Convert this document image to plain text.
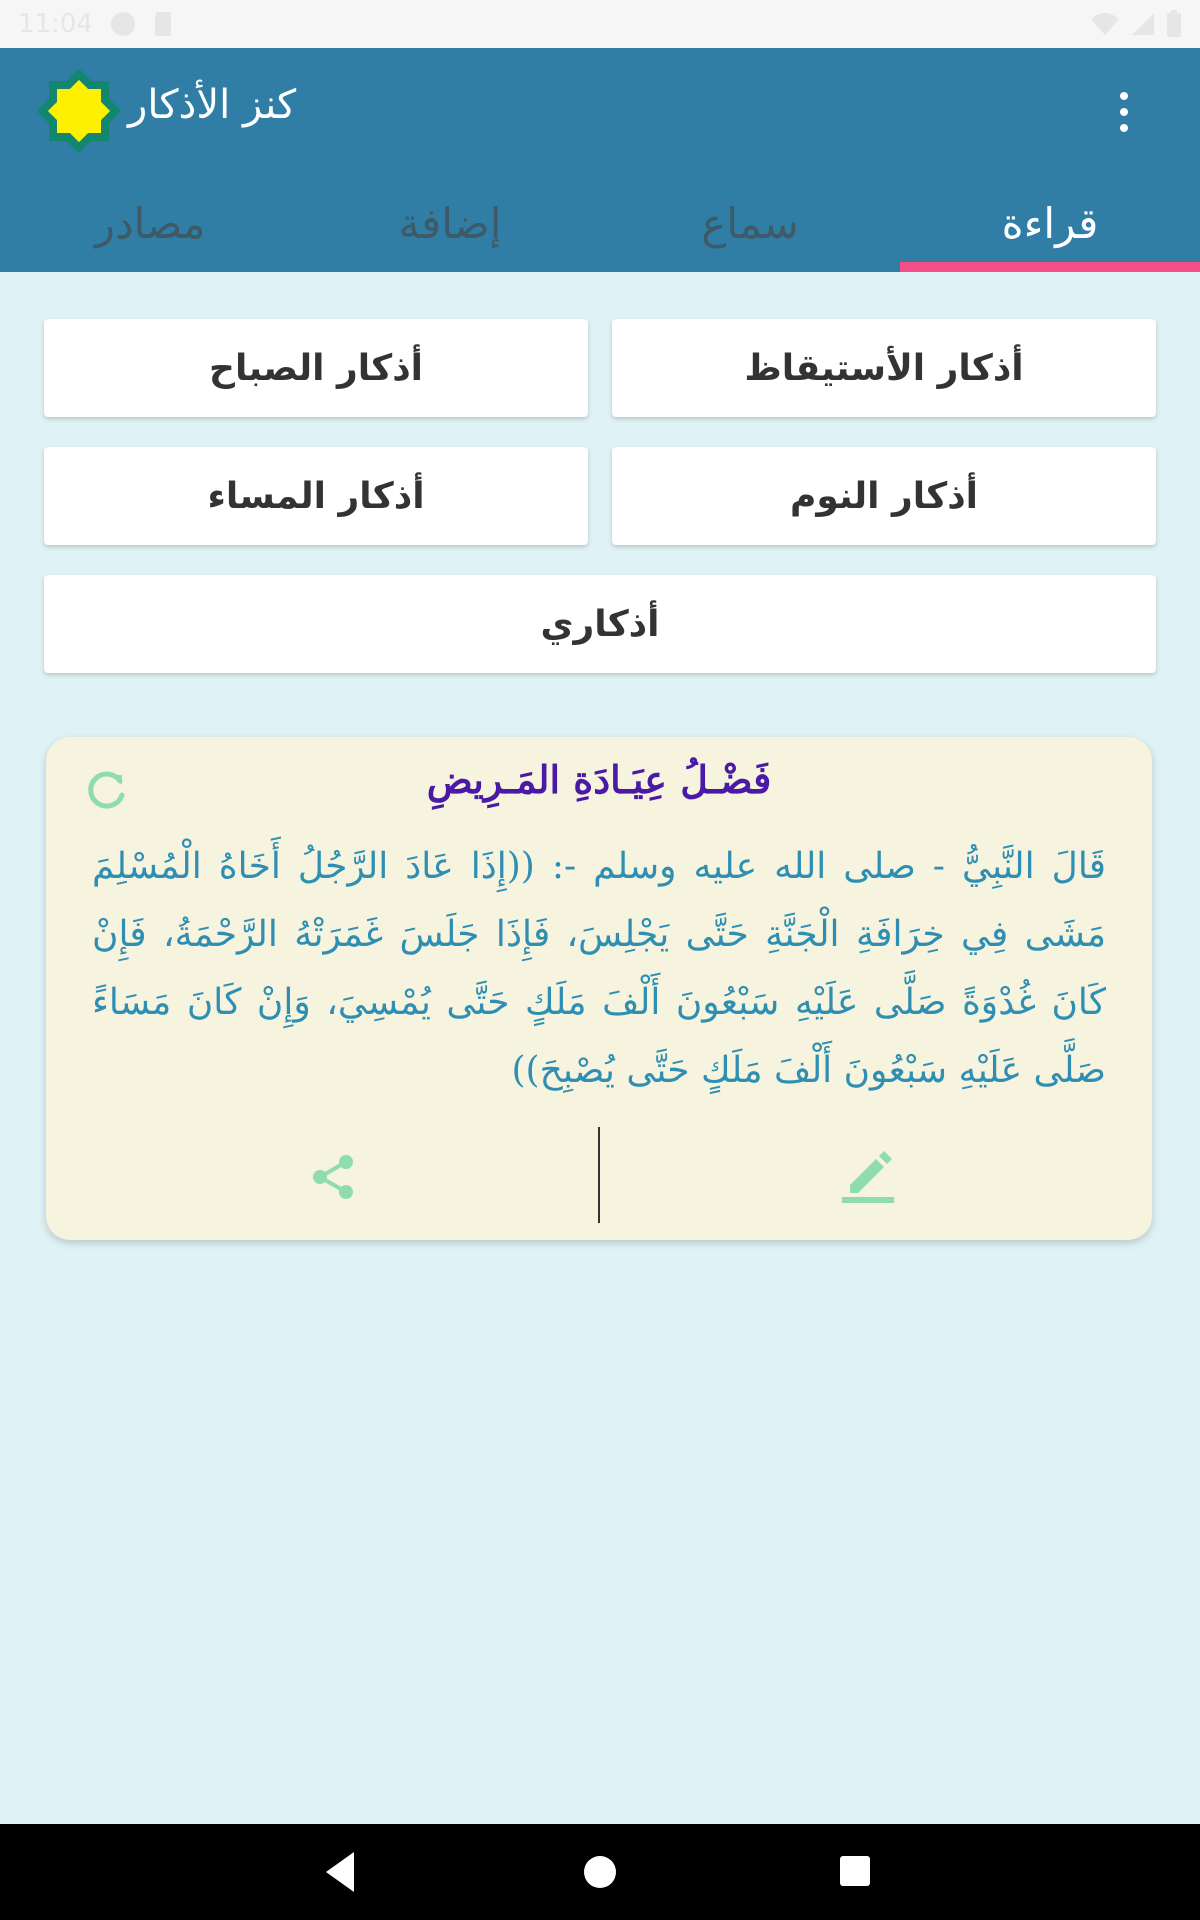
11:04
كنز الأذكار
مصادر	إضافة	سماع	قراءة
أذكار الصباح	أذكار الأستيقاظ
أذكار المساء	أذكار النوم
أذكاري
فَضْـلُ عِيَـادَةِ المَـرِيضِ
قَالَ النَّبِيُّ - صلى الله عليه وسلم -: ((إِذَا عَادَ الرَّجُلُ أَخَاهُ الْمُسْلِمَ مَشَى فِي خِرَافَةِ الْجَنَّةِ حَتَّى يَجْلِسَ، فَإِذَا جَلَسَ غَمَرَتْهُ الرَّحْمَةُ، فَإِنْ كَانَ غُدْوَةً صَلَّى عَلَيْهِ سَبْعُونَ أَلْفَ مَلَكٍ حَتَّى يُمْسِيَ، وَإِنْ كَانَ مَسَاءً صَلَّى عَلَيْهِ سَبْعُونَ أَلْفَ مَلَكٍ حَتَّى يُصْبِحَ))
